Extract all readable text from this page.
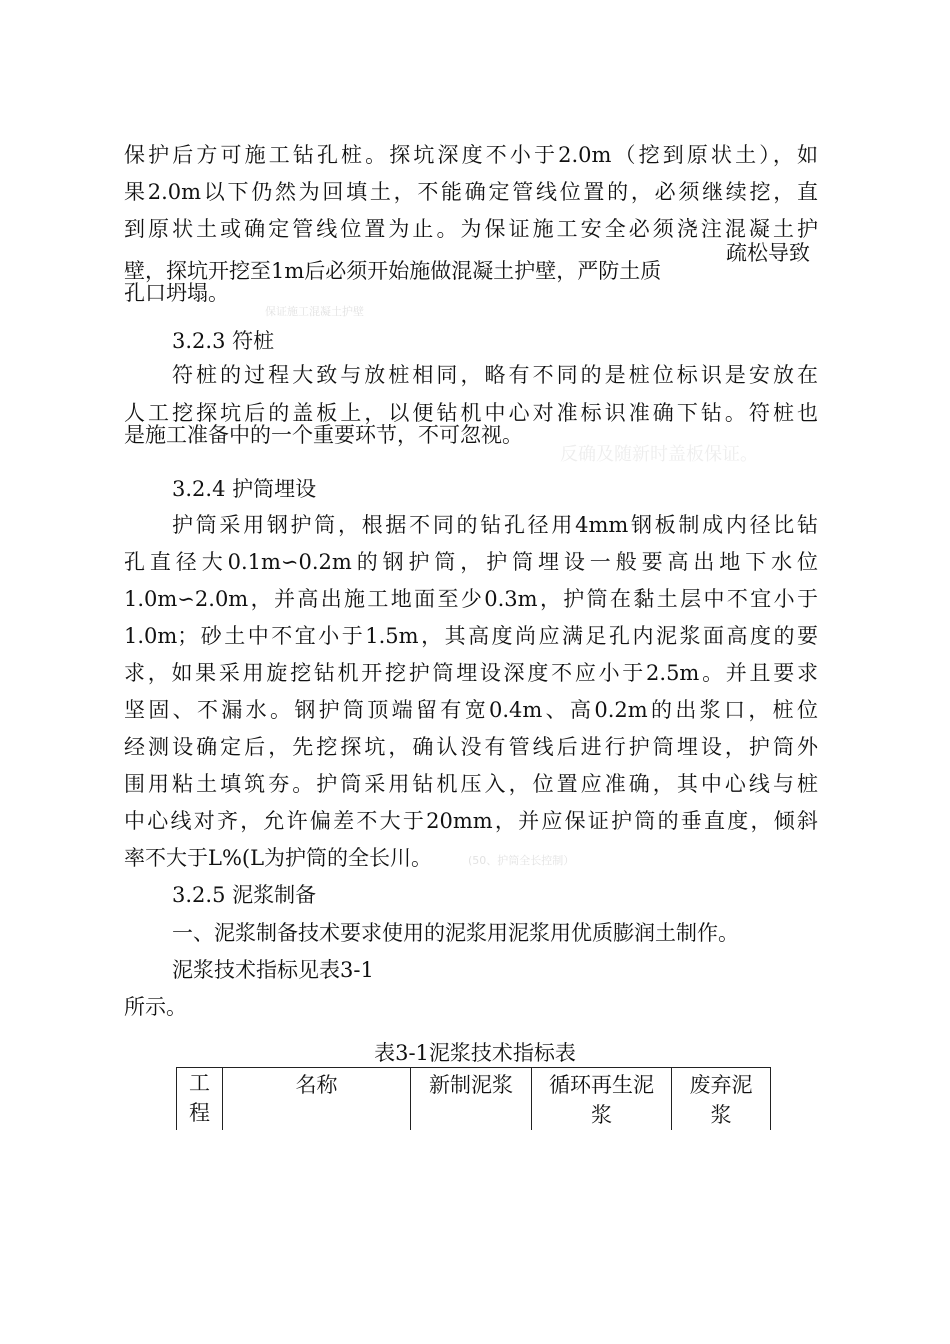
保护后方可施工钻孔桩。探坑深度不小于2.0m（挖到原状土），如

果2.0m以下仍然为回填土，不能确定管线位置的，必须继续挖，直

到原状土或确定管线位置为止。为保证施工安全必须浇注混凝土护

壁，探坑开挖至1m后必须开始施做混凝土护壁，严防土质

疏松导致

孔口坍塌。

保证施工混凝土护壁

3.2.3 符桩

符桩的过程大致与放桩相同，略有不同的是桩位标识是安放在

人工挖探坑后的盖板上，以便钻机中心对准标识准确下钻。符桩也

是施工准备中的一个重要环节，不可忽视。

反确及随新时盖板保证。

3.2.4 护筒埋设

护筒采用钢护筒，根据不同的钻孔径用4mm钢板制成内径比钻

孔直径大0.1m∽0.2m的钢护筒，护筒埋设一般要高出地下水位

1.0m∽2.0m，并高出施工地面至少0.3m，护筒在黏土层中不宜小于

1.0m；砂土中不宜小于1.5m，其高度尚应满足孔内泥浆面高度的要

求，如果采用旋挖钻机开挖护筒埋设深度不应小于2.5m。并且要求

坚固、不漏水。钢护筒顶端留有宽0.4m、高0.2m的出浆口，桩位

经测设确定后，先挖探坑，确认没有管线后进行护筒埋设，护筒外

围用粘土填筑夯。护筒采用钻机压入，位置应准确，其中心线与桩

中心线对齐，允许偏差不大于20mm，并应保证护筒的垂直度，倾斜

率不大于L%(L为护筒的全长川。	(50、护筒全长控制）

3.2.5 泥浆制备

一、泥浆制备技术要求使用的泥浆用泥浆用优质膨润土制作。

泥浆技术指标见表3-1

所示。

表3-1泥浆技术指标表

工程	名称	新制泥浆	循环再生泥浆	废弃泥浆
